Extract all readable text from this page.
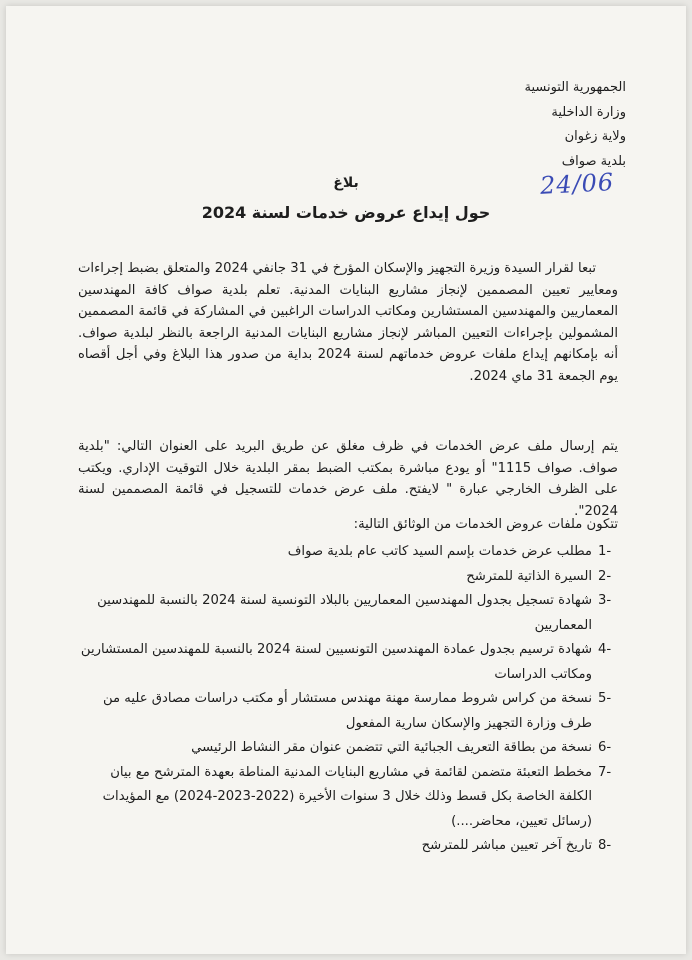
الجمهورية التونسية
وزارة الداخلية
ولاية زغوان
بلدية صواف
24/06
بلاغ
حول إيداع عروض خدمات لسنة 2024
تبعا لقرار السيدة وزيرة التجهيز والإسكان المؤرخ في 31 جانفي 2024 والمتعلق بضبط إجراءات ومعايير تعيين المصممين لإنجاز مشاريع البنايات المدنية. تعلم بلدية صواف كافة المهندسين المعماريين والمهندسين المستشارين ومكاتب الدراسات الراغبين في المشاركة في قائمة المصممين المشمولين بإجراءات التعيين المباشر لإنجاز مشاريع البنايات المدنية الراجعة بالنظر لبلدية صواف. أنه بإمكانهم إيداع ملفات عروض خدماتهم لسنة 2024 بداية من صدور هذا البلاغ وفي أجل أقصاه يوم الجمعة 31 ماي 2024.
يتم إرسال ملف عرض الخدمات في ظرف مغلق عن طريق البريد على العنوان التالي: "بلدية صواف. صواف 1115" أو يودع مباشرة بمكتب الضبط بمقر البلدية خلال التوقيت الإداري. ويكتب على الظرف الخارجي عبارة " لايفتح. ملف عرض خدمات للتسجيل في قائمة المصممين لسنة 2024".
تتكون ملفات عروض الخدمات من الوثائق التالية:
-1
مطلب عرض خدمات بإسم السيد كاتب عام بلدية صواف
-2
السيرة الذاتية للمترشح
-3
شهادة تسجيل بجدول المهندسين المعماريين بالبلاد التونسية لسنة 2024 بالنسبة للمهندسين المعماريين
-4
شهادة ترسيم بجدول عمادة المهندسين التونسيين لسنة 2024 بالنسبة للمهندسين المستشارين ومكاتب الدراسات
-5
نسخة من كراس شروط ممارسة مهنة مهندس مستشار أو مكتب دراسات مصادق عليه من طرف وزارة التجهيز والإسكان سارية المفعول
-6
نسخة من بطاقة التعريف الجبائية التي تتضمن عنوان مقر النشاط الرئيسي
-7
مخطط التعبئة متضمن لقائمة في مشاريع البنايات المدنية المناطة بعهدة المترشح مع بيان الكلفة الخاصة بكل قسط وذلك خلال 3 سنوات الأخيرة (2022-2023-2024) مع المؤيدات (رسائل تعيين، محاضر....)
-8
تاريخ آخر تعيين مباشر للمترشح
